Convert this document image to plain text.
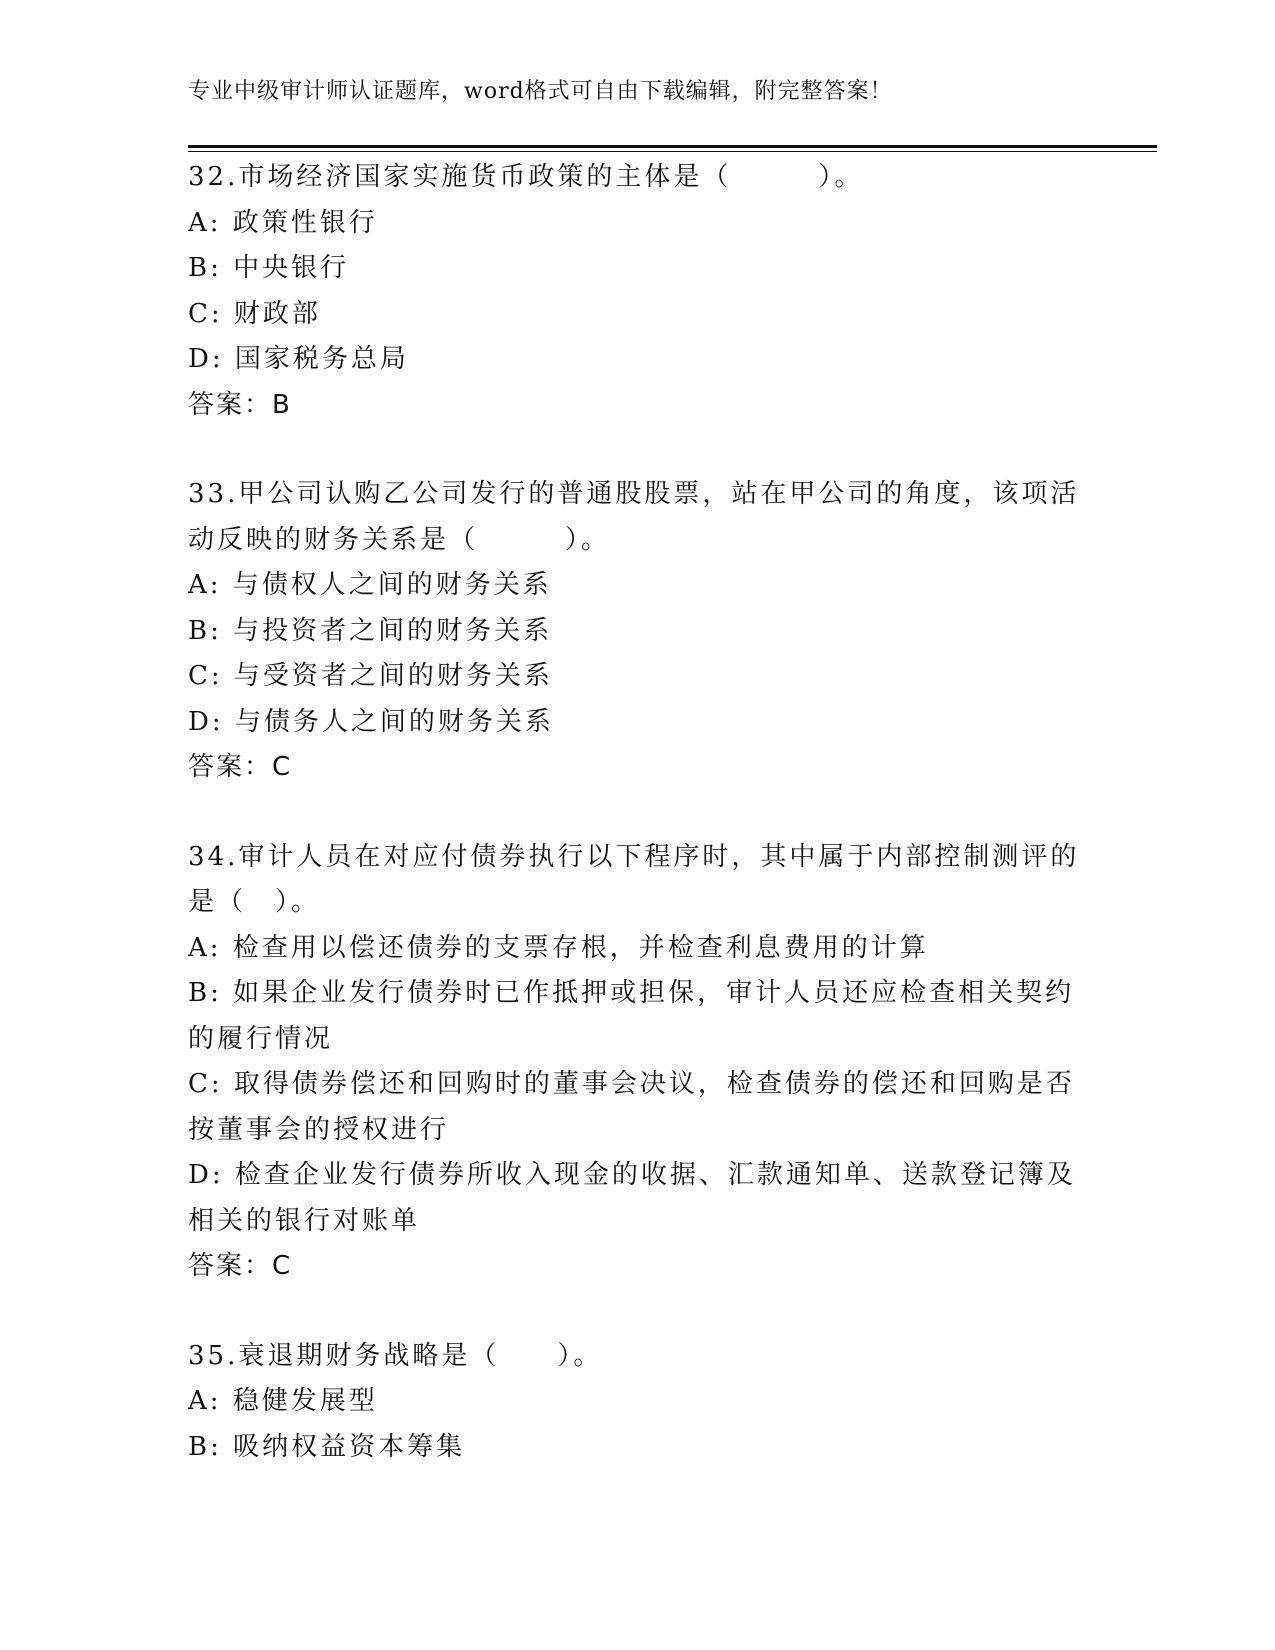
专业中级审计师认证题库，word格式可自由下载编辑，附完整答案！
32.市场经济国家实施货币政策的主体是（　　　）。
A: 政策性银行
B: 中央银行
C: 财政部
D: 国家税务总局
答案：B
33.甲公司认购乙公司发行的普通股股票，站在甲公司的角度，该项活
动反映的财务关系是（　　　）。
A: 与债权人之间的财务关系
B: 与投资者之间的财务关系
C: 与受资者之间的财务关系
D: 与债务人之间的财务关系
答案：C
34.审计人员在对应付债券执行以下程序时，其中属于内部控制测评的
是（　）。
A: 检查用以偿还债券的支票存根，并检查利息费用的计算
B: 如果企业发行债券时已作抵押或担保，审计人员还应检查相关契约
的履行情况
C: 取得债券偿还和回购时的董事会决议，检查债券的偿还和回购是否
按董事会的授权进行
D: 检查企业发行债券所收入现金的收据、汇款通知单、送款登记簿及
相关的银行对账单
答案：C
35.衰退期财务战略是（　　）。
A: 稳健发展型
B: 吸纳权益资本筹集
